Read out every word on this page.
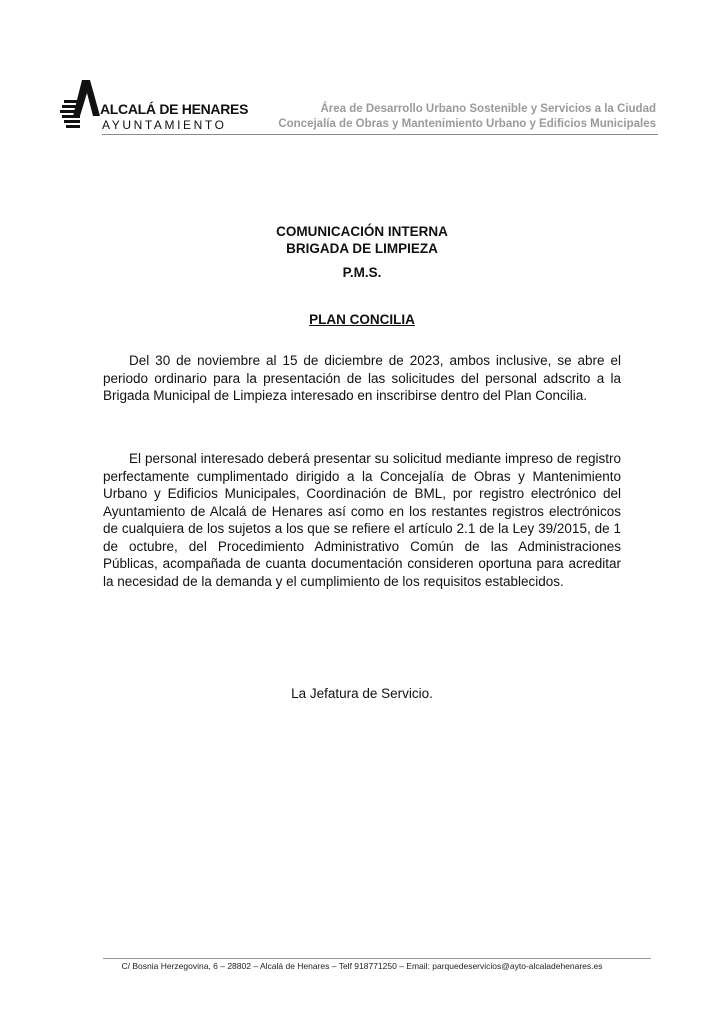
ALCALÁ DE HENARES
AYUNTAMIENTO
Área de Desarrollo Urbano Sostenible y Servicios a la Ciudad
Concejalía de Obras y Mantenimiento Urbano y Edificios Municipales
COMUNICACIÓN INTERNA
BRIGADA DE LIMPIEZA
P.M.S.
PLAN CONCILIA

Del 30 de noviembre al 15 de diciembre de 2023, ambos inclusive, se abre el periodo ordinario para la presentación de las solicitudes del personal adscrito a la Brigada Municipal de Limpieza interesado en inscribirse dentro del Plan Concilia.

El personal interesado deberá presentar su solicitud mediante impreso de registro perfectamente cumplimentado dirigido a la Concejalía de Obras y Mantenimiento Urbano y Edificios Municipales, Coordinación de BML, por registro electrónico del Ayuntamiento de Alcalá de Henares así como en los restantes registros electrónicos de cualquiera de los sujetos a los que se refiere el artículo 2.1 de la Ley 39/2015, de 1 de octubre, del Procedimiento Administrativo Común de las Administraciones Públicas, acompañada de cuanta documentación consideren oportuna para acreditar la necesidad de la demanda y el cumplimiento de los requisitos establecidos.

La Jefatura de Servicio.
C/ Bosnia Herzegovina, 6 – 28802 – Alcalá de Henares – Telf 918771250 – Email: parquedeservicios@ayto-alcaladehenares.es
